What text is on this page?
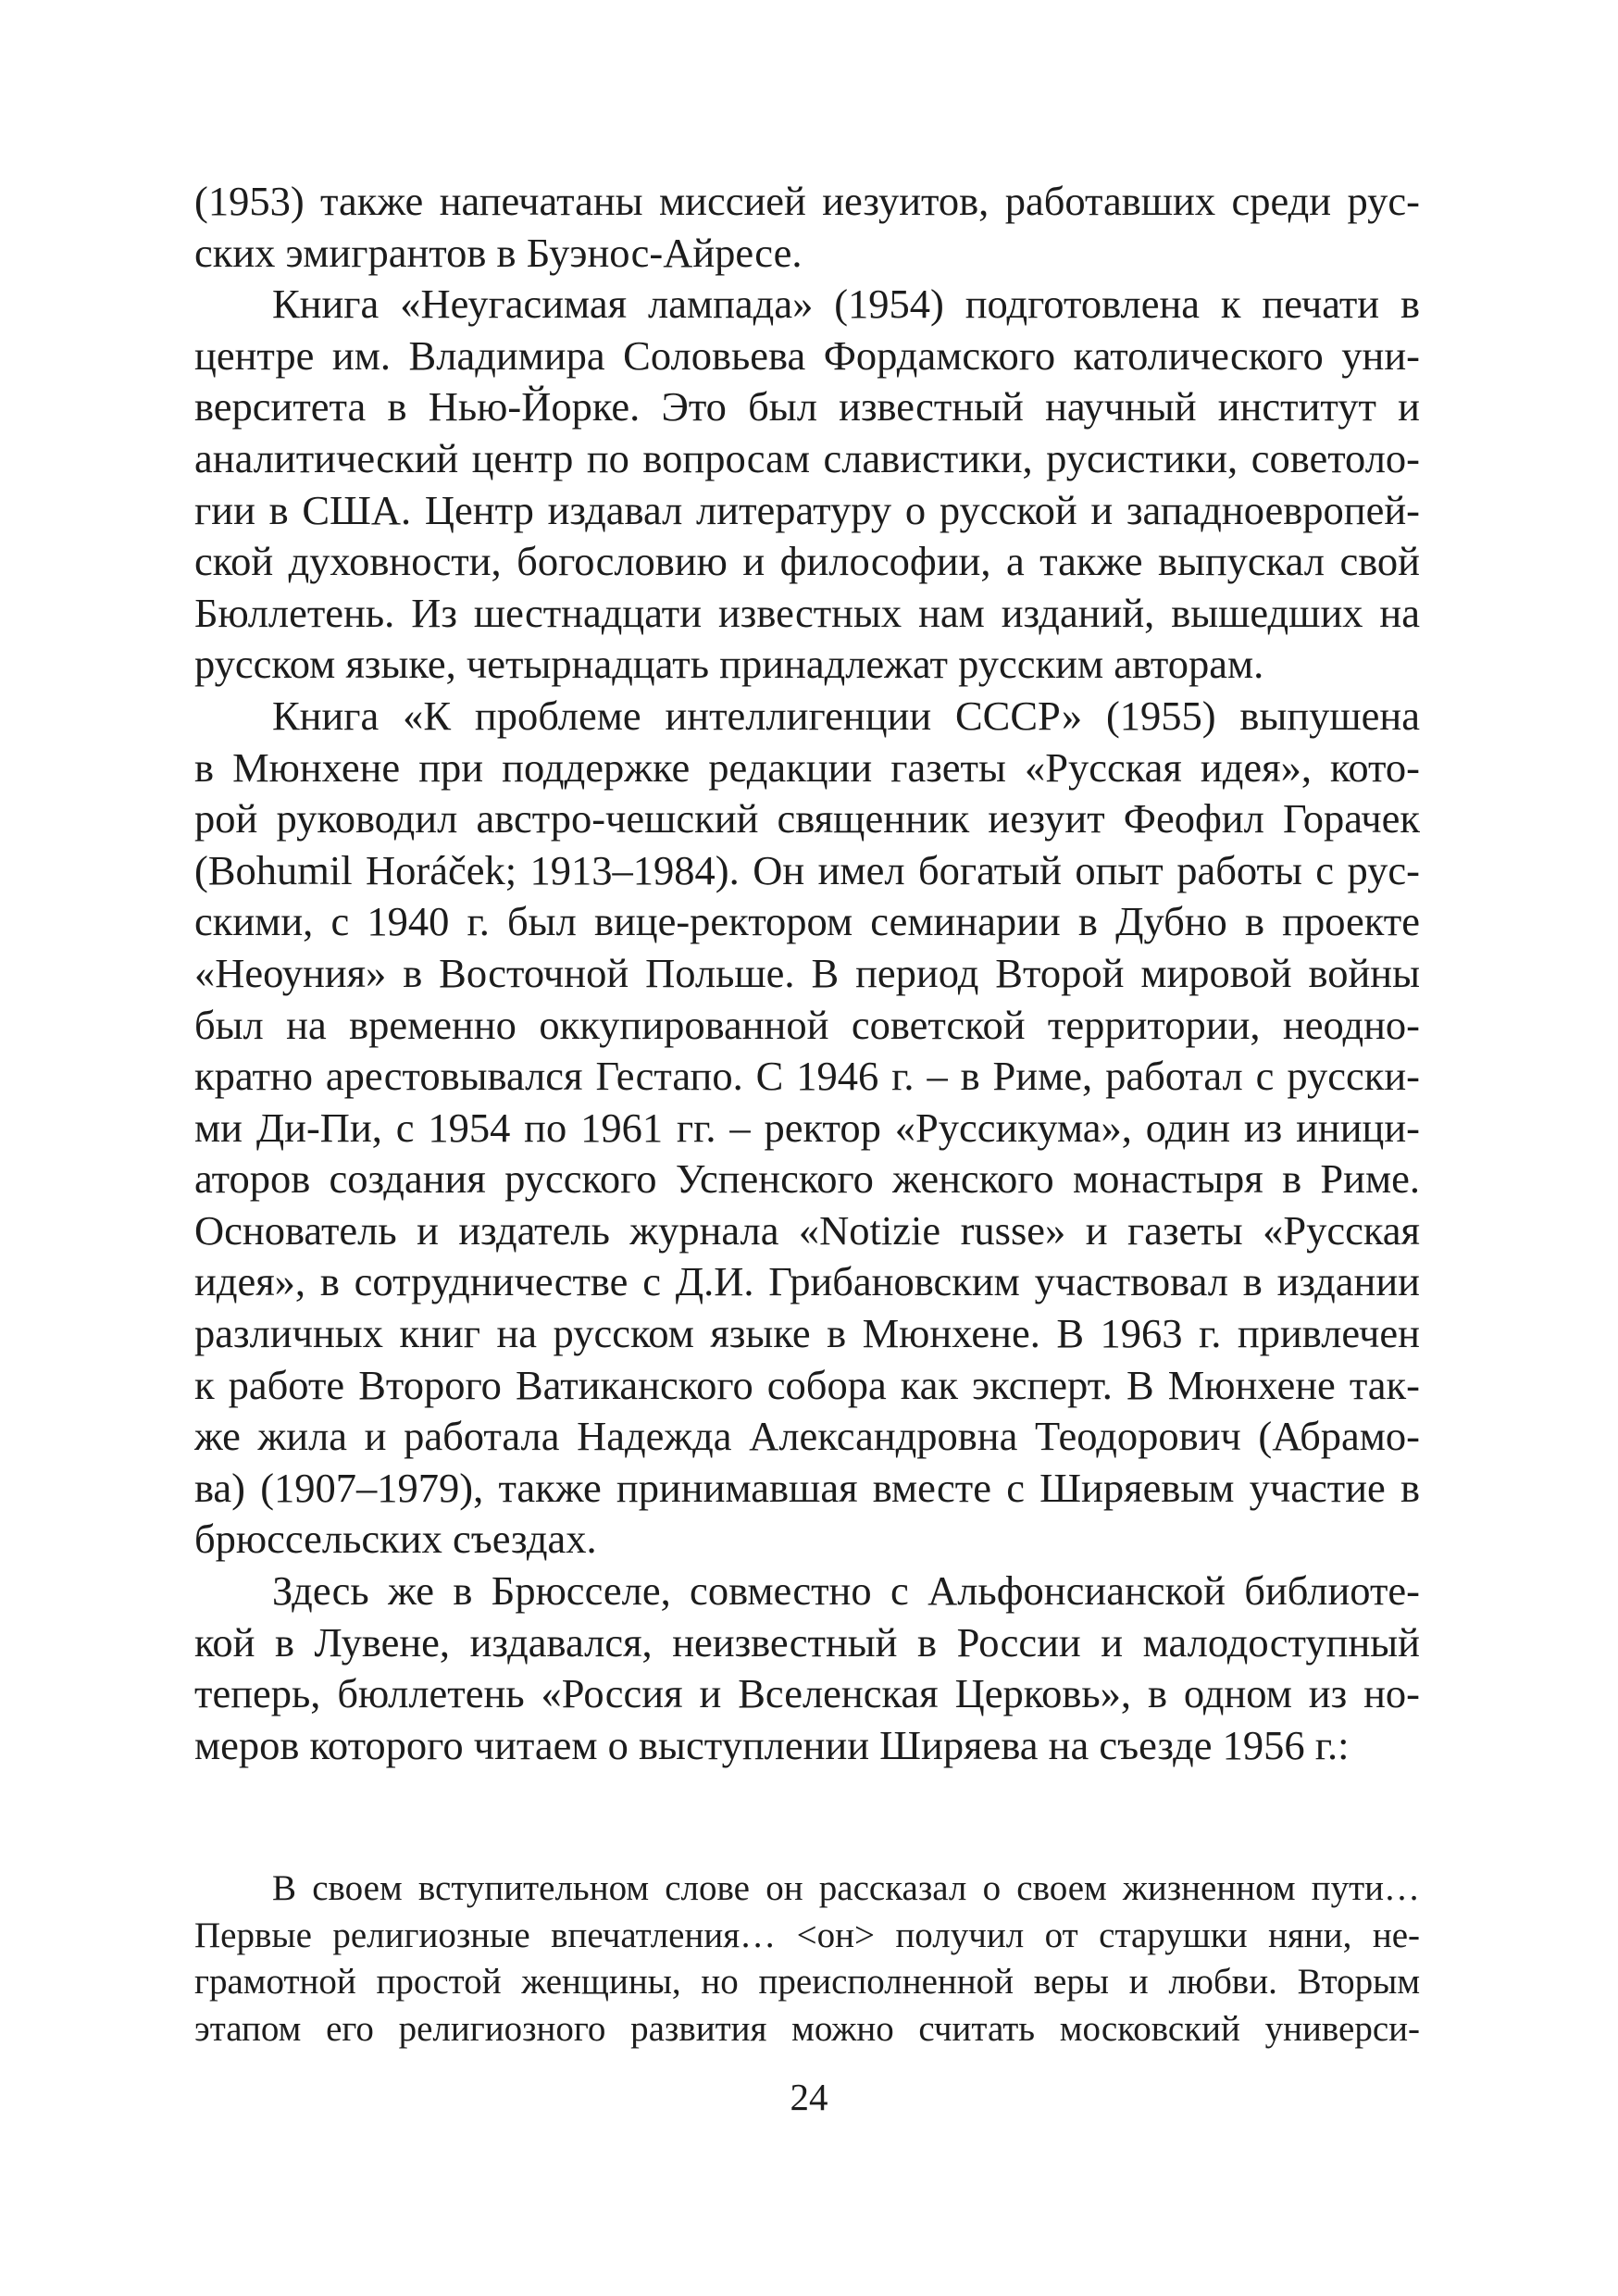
(1953) также напечатаны миссией иезуитов, работавших среди рус-
ских эмигрантов в Буэнос-Айресе.
Книга «Неугасимая лампада» (1954) подготовлена к печати в
центре им. Владимира Соловьева Фордамского католического уни-
верситета в Нью-Йорке. Это был известный научный институт и
аналитический центр по вопросам славистики, русистики, советоло-
гии в США. Центр издавал литературу о русской и западноевропей-
ской духовности, богословию и философии, а также выпускал свой
Бюллетень. Из шестнадцати известных нам изданий, вышедших на
русском языке, четырнадцать принадлежат русским авторам.
Книга «К проблеме интеллигенции СССР» (1955) выпушена
в Мюнхене при поддержке редакции газеты «Русская идея», кото-
рой руководил австро-чешский священник иезуит Феофил Горачек
(Bohumil Horáček; 1913–1984). Он имел богатый опыт работы с рус-
скими, с 1940 г. был вице-ректором семинарии в Дубно в проекте
«Неоуния» в Восточной Польше. В период Второй мировой войны
был на временно оккупированной советской территории, неодно-
кратно арестовывался Гестапо. С 1946 г. – в Риме, работал с русски-
ми Ди-Пи, с 1954 по 1961 гг. – ректор «Руссикума», один из иници-
аторов создания русского Успенского женского монастыря в Риме.
Основатель и издатель журнала «Notizie russe» и газеты «Русская
идея», в сотрудничестве с Д.И. Грибановским участвовал в издании
различных книг на русском языке в Мюнхене. В 1963 г. привлечен
к работе Второго Ватиканского собора как эксперт. В Мюнхене так-
же жила и работала Надежда Александровна Теодорович (Абрамо-
ва) (1907–1979), также принимавшая вместе с Ширяевым участие в
брюссельских съездах.
Здесь же в Брюсселе, совместно с Альфонсианской библиоте-
кой в Лувене, издавался, неизвестный в России и малодоступный
теперь, бюллетень «Россия и Вселенская Церковь», в одном из но-
меров которого читаем о выступлении Ширяева на съезде 1956 г.:
В своем вступительном слове он рассказал о своем жизненном пути…
Первые религиозные впечатления… <он> получил от старушки няни, не-
грамотной простой женщины, но преисполненной веры и любви. Вторым
этапом его религиозного развития можно считать московский универси-
24
